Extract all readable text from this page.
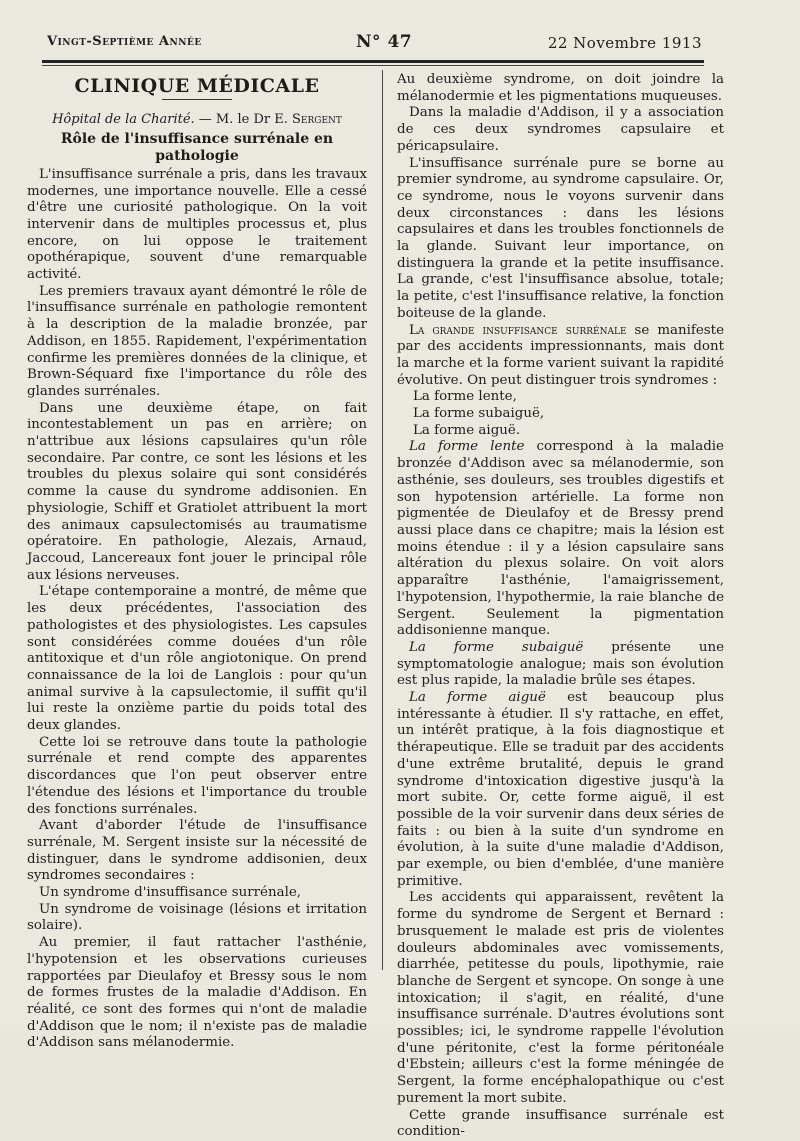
Vingt-Septième Année	N° 47	22 Novembre 1913
CLINIQUE MÉDICALE
Hôpital de la Charité. — M. le Dr E. Sergent
Rôle de l'insuffisance surrénale en pathologie

L'insuffisance surrénale a pris, dans les travaux modernes, une importance nouvelle. Elle a cessé d'être une curiosité pathologique. On la voit intervenir dans de multiples processus et, plus encore, on lui oppose le traitement opothérapique, souvent d'une remarquable activité.

Les premiers travaux ayant démontré le rôle de l'insuffisance surrénale en pathologie remontent à la description de la maladie bronzée, par Addison, en 1855. Rapidement, l'expérimentation confirme les premières données de la clinique, et Brown-Séquard fixe l'importance du rôle des glandes surrénales.

Dans une deuxième étape, on fait incontestablement un pas en arrière; on n'attribue aux lésions capsulaires qu'un rôle secondaire. Par contre, ce sont les lésions et les troubles du plexus solaire qui sont considérés comme la cause du syndrome addisonien. En physiologie, Schiff et Gratiolet attribuent la mort des animaux capsulectomisés au traumatisme opératoire. En pathologie, Alezais, Arnaud, Jaccoud, Lancereaux font jouer le principal rôle aux lésions nerveuses.

L'étape contemporaine a montré, de même que les deux précédentes, l'association des pathologistes et des physiologistes. Les capsules sont considérées comme douées d'un rôle antitoxique et d'un rôle angiotonique. On prend connaissance de la loi de Langlois : pour qu'un animal survive à la capsulectomie, il suffit qu'il lui reste la onzième partie du poids total des deux glandes.

Cette loi se retrouve dans toute la pathologie surrénale et rend compte des apparentes discordances que l'on peut observer entre l'étendue des lésions et l'importance du trouble des fonctions surrénales.

Avant d'aborder l'étude de l'insuffisance surrénale, M. Sergent insiste sur la nécessité de distinguer, dans le syndrome addisonien, deux syndromes secondaires :

Un syndrome d'insuffisance surrénale,

Un syndrome de voisinage (lésions et irritation solaire).

Au premier, il faut rattacher l'asthénie, l'hypotension et les observations curieuses rapportées par Dieulafoy et Bressy sous le nom de formes frustes de la maladie d'Addison. En réalité, ce sont des formes qui n'ont de maladie d'Addison que le nom; il n'existe pas de maladie d'Addison sans mélanodermie.

Au deuxième syndrome, on doit joindre la mélanodermie et les pigmentations muqueuses.

Dans la maladie d'Addison, il y a association de ces deux syndromes capsulaire et péricapsulaire.

L'insuffisance surrénale pure se borne au premier syndrome, au syndrome capsulaire. Or, ce syndrome, nous le voyons survenir dans deux circonstances : dans les lésions capsulaires et dans les troubles fonctionnels de la glande. Suivant leur importance, on distinguera la grande et la petite insuffisance. La grande, c'est l'insuffisance absolue, totale; la petite, c'est l'insuffisance relative, la fonction boiteuse de la glande.

La grande insuffisance surrénale se manifeste par des accidents impressionnants, mais dont la marche et la forme varient suivant la rapidité évolutive. On peut distinguer trois syndromes :

La forme lente,

La forme subaiguë,

La forme aiguë.

La forme lente correspond à la maladie bronzée d'Addison avec sa mélanodermie, son asthénie, ses douleurs, ses troubles digestifs et son hypotension artérielle. La forme non pigmentée de Dieulafoy et de Bressy prend aussi place dans ce chapitre; mais la lésion est moins étendue : il y a lésion capsulaire sans altération du plexus solaire. On voit alors apparaître l'asthénie, l'amaigrissement, l'hypotension, l'hypothermie, la raie blanche de Sergent. Seulement la pigmentation addisonienne manque.

La forme subaiguë présente une symptomatologie analogue; mais son évolution est plus rapide, la maladie brûle ses étapes.

La forme aiguë est beaucoup plus intéressante à étudier. Il s'y rattache, en effet, un intérêt pratique, à la fois diagnostique et thérapeutique. Elle se traduit par des accidents d'une extrême brutalité, depuis le grand syndrome d'intoxication digestive jusqu'à la mort subite. Or, cette forme aiguë, il est possible de la voir survenir dans deux séries de faits : ou bien à la suite d'un syndrome en évolution, à la suite d'une maladie d'Addison, par exemple, ou bien d'emblée, d'une manière primitive.

Les accidents qui apparaissent, revêtent la forme du syndrome de Sergent et Bernard : brusquement le malade est pris de violentes douleurs abdominales avec vomissements, diarrhée, petitesse du pouls, lipothymie, raie blanche de Sergent et syncope. On songe à une intoxication; il s'agit, en réalité, d'une insuffisance surrénale. D'autres évolutions sont possibles; ici, le syndrome rappelle l'évolution d'une péritonite, c'est la forme péritonéale d'Ebstein; ailleurs c'est la forme méningée de Sergent, la forme encéphalopathique ou c'est purement la mort subite.

Cette grande insuffisance surrénale est condition-
